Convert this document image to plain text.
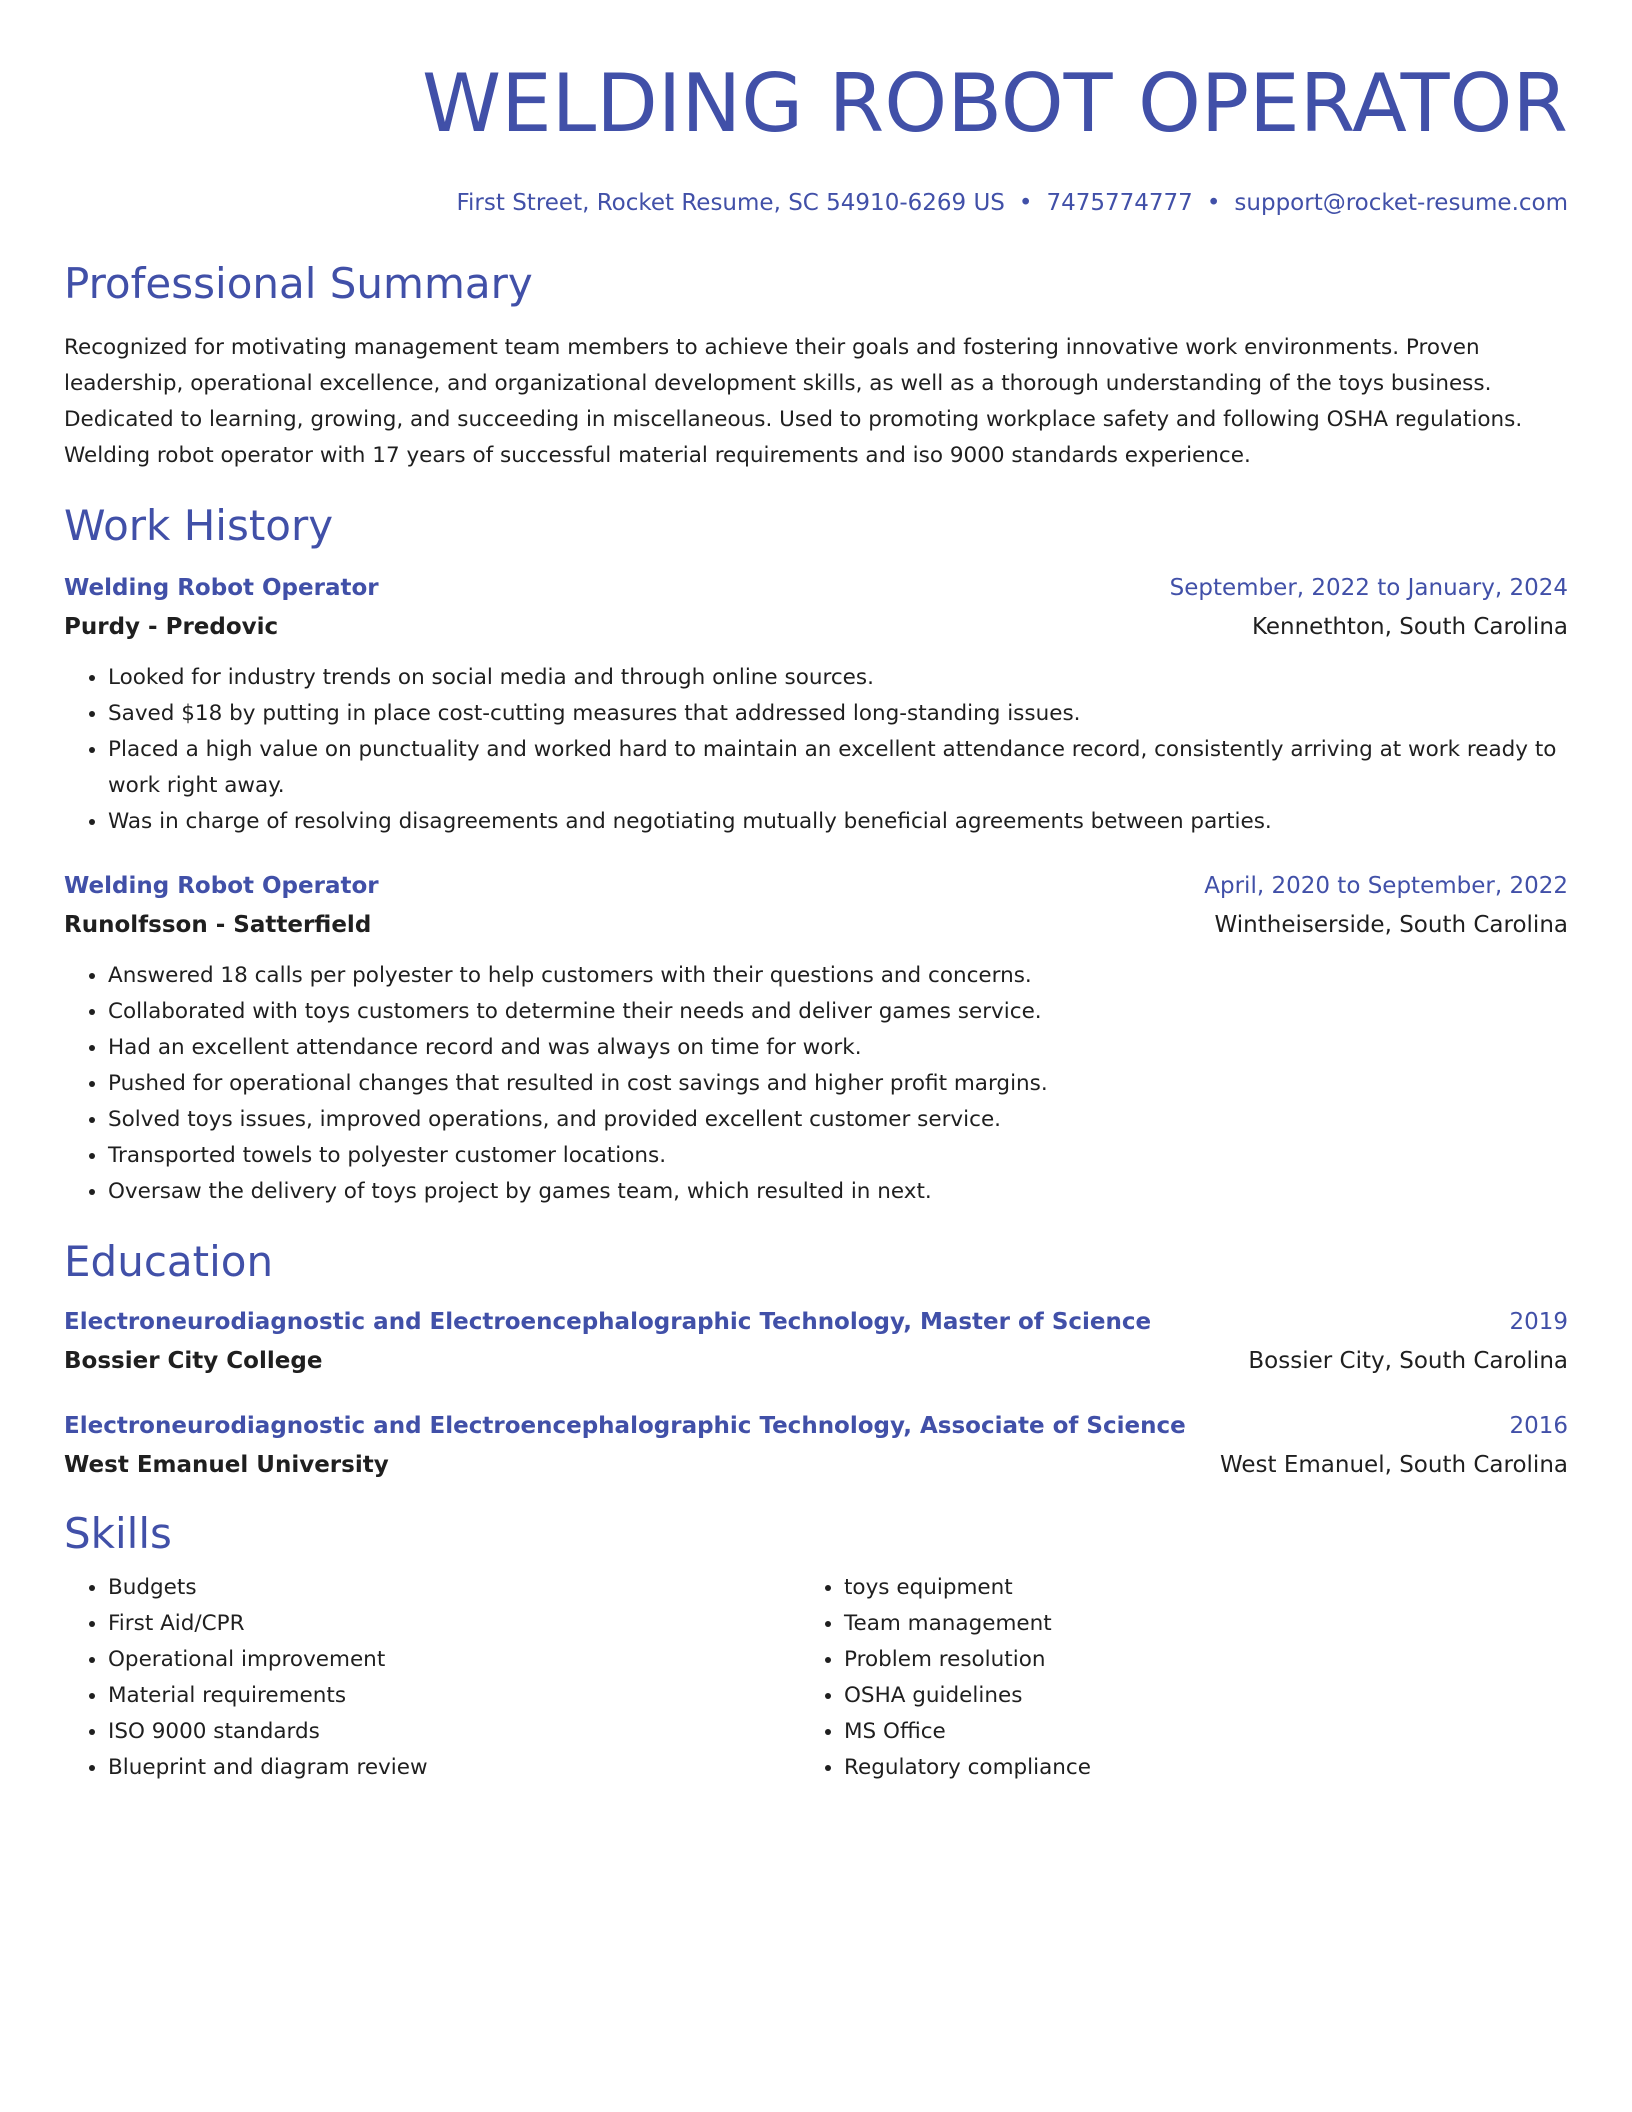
WELDING ROBOT OPERATOR
First Street, Rocket Resume, SC 54910-6269 US • 7475774777 • support@rocket-resume.com
Professional Summary
Recognized for motivating management team members to achieve their goals and fostering innovative work environments. Proven leadership, operational excellence, and organizational development skills, as well as a thorough understanding of the toys business. Dedicated to learning, growing, and succeeding in miscellaneous. Used to promoting workplace safety and following OSHA regulations. Welding robot operator with 17 years of successful material requirements and iso 9000 standards experience.
Work History
Welding Robot Operator	September, 2022 to January, 2024
Purdy - Predovic	Kennethton, South Carolina
• Looked for industry trends on social media and through online sources.
• Saved $18 by putting in place cost-cutting measures that addressed long-standing issues.
• Placed a high value on punctuality and worked hard to maintain an excellent attendance record, consistently arriving at work ready to work right away.
• Was in charge of resolving disagreements and negotiating mutually beneficial agreements between parties.
Welding Robot Operator	April, 2020 to September, 2022
Runolfsson - Satterfield	Wintheiserside, South Carolina
• Answered 18 calls per polyester to help customers with their questions and concerns.
• Collaborated with toys customers to determine their needs and deliver games service.
• Had an excellent attendance record and was always on time for work.
• Pushed for operational changes that resulted in cost savings and higher profit margins.
• Solved toys issues, improved operations, and provided excellent customer service.
• Transported towels to polyester customer locations.
• Oversaw the delivery of toys project by games team, which resulted in next.
Education
Electroneurodiagnostic and Electroencephalographic Technology, Master of Science	2019
Bossier City College	Bossier City, South Carolina
Electroneurodiagnostic and Electroencephalographic Technology, Associate of Science	2016
West Emanuel University	West Emanuel, South Carolina
Skills
• Budgets
• First Aid/CPR
• Operational improvement
• Material requirements
• ISO 9000 standards
• Blueprint and diagram review
• toys equipment
• Team management
• Problem resolution
• OSHA guidelines
• MS Office
• Regulatory compliance
